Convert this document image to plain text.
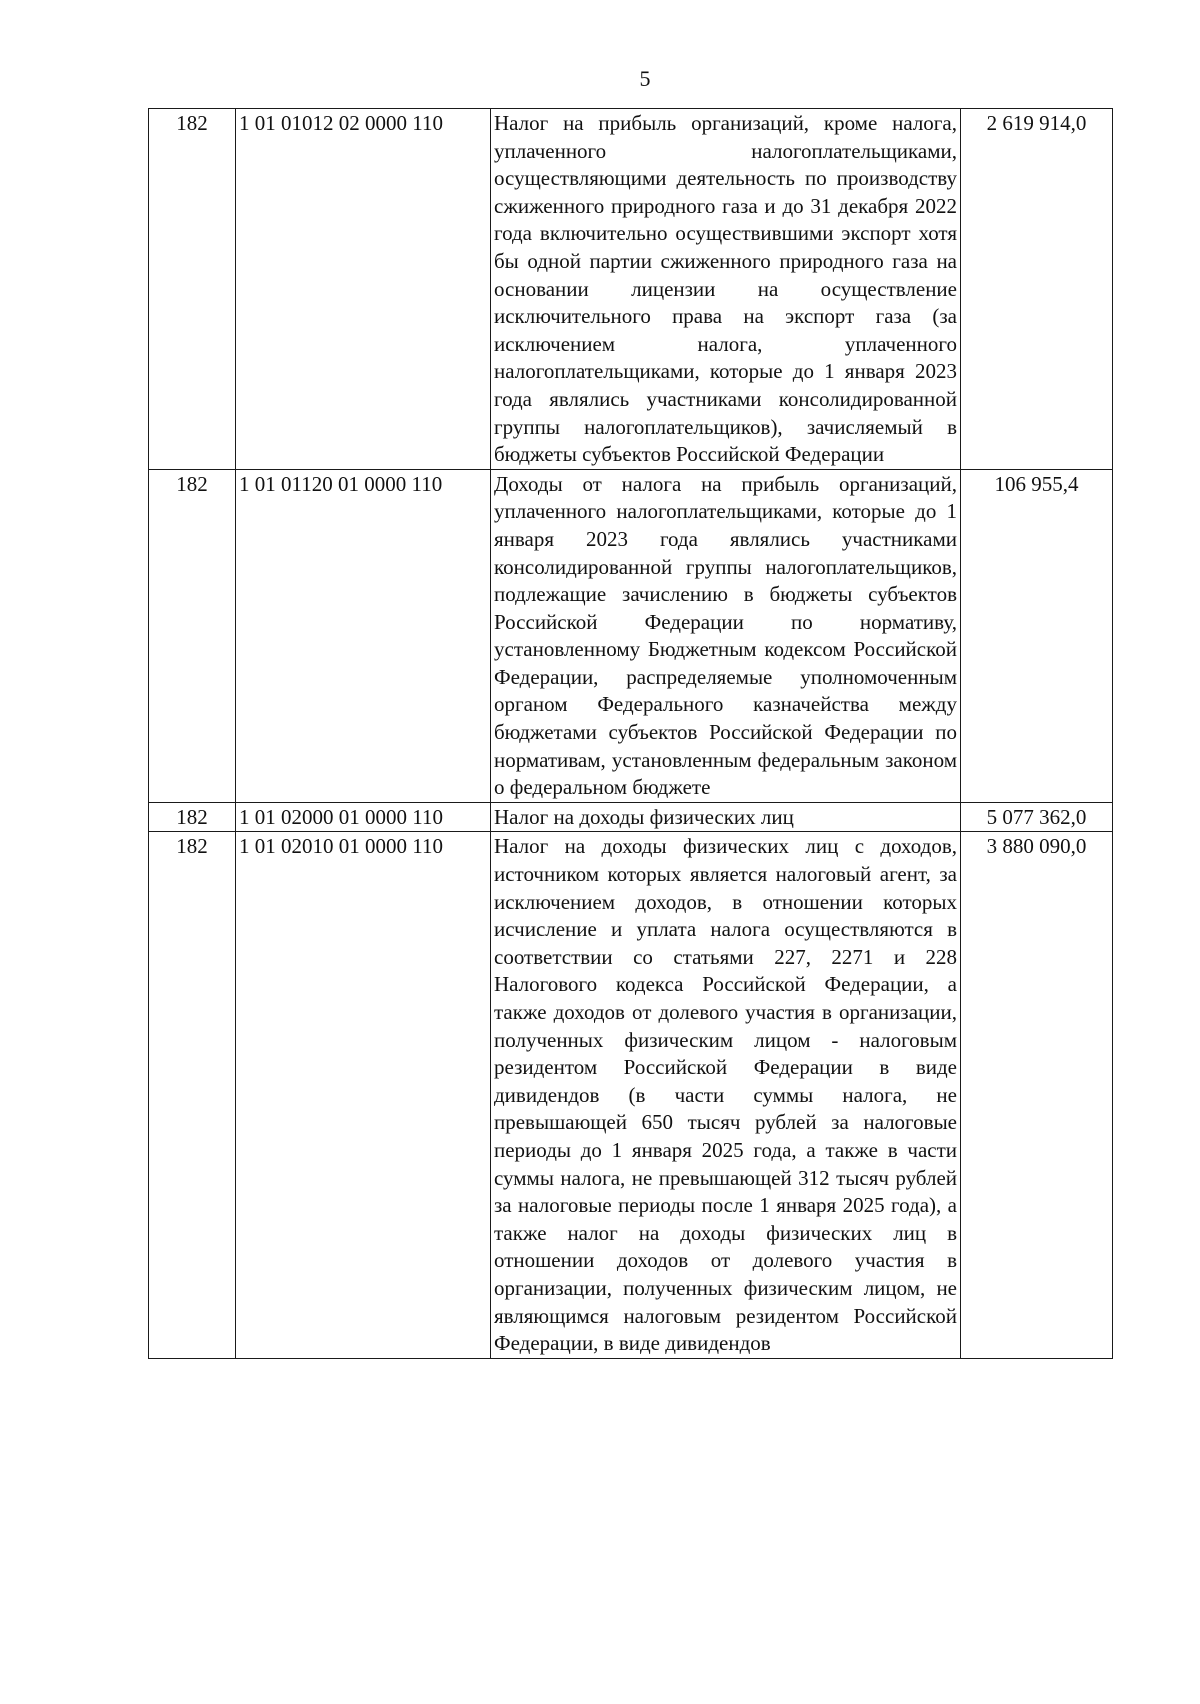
5
182	1 01 01012 02 0000 110	Налог на прибыль организаций, кроме налога, уплаченного налогоплательщиками, осуществляющими деятельность по производству сжиженного природного газа и до 31 декабря 2022 года включительно осуществившими экспорт хотя бы одной партии сжиженного природного газа на основании лицензии на осуществление исключительного права на экспорт газа (за исключением налога, уплаченного налогоплательщиками, которые до 1 января 2023 года являлись участниками консолидированной группы налогоплательщиков), зачисляемый в бюджеты субъектов Российской Федерации	2 619 914,0
182	1 01 01120 01 0000 110	Доходы от налога на прибыль организаций, уплаченного налогоплательщиками, которые до 1 января 2023 года являлись участниками консолидированной группы налогоплательщиков, подлежащие зачислению в бюджеты субъектов Российской Федерации по нормативу, установленному Бюджетным кодексом Российской Федерации, распределяемые уполномоченным органом Федерального казначейства между бюджетами субъектов Российской Федерации по нормативам, установленным федеральным законом о федеральном бюджете	106 955,4
182	1 01 02000 01 0000 110	Налог на доходы физических лиц	5 077 362,0
182	1 01 02010 01 0000 110	Налог на доходы физических лиц с доходов, источником которых является налоговый агент, за исключением доходов, в отношении которых исчисление и уплата налога осуществляются в соответствии со статьями 227, 2271 и 228 Налогового кодекса Российской Федерации, а также доходов от долевого участия в организации, полученных физическим лицом - налоговым резидентом Российской Федерации в виде дивидендов (в части суммы налога, не превышающей 650 тысяч рублей за налоговые периоды до 1 января 2025 года, а также в части суммы налога, не превышающей 312 тысяч рублей за налоговые периоды после 1 января 2025 года), а также налог на доходы физических лиц в отношении доходов от долевого участия в организации, полученных физическим лицом, не являющимся налоговым резидентом Российской Федерации, в виде дивидендов	3 880 090,0
